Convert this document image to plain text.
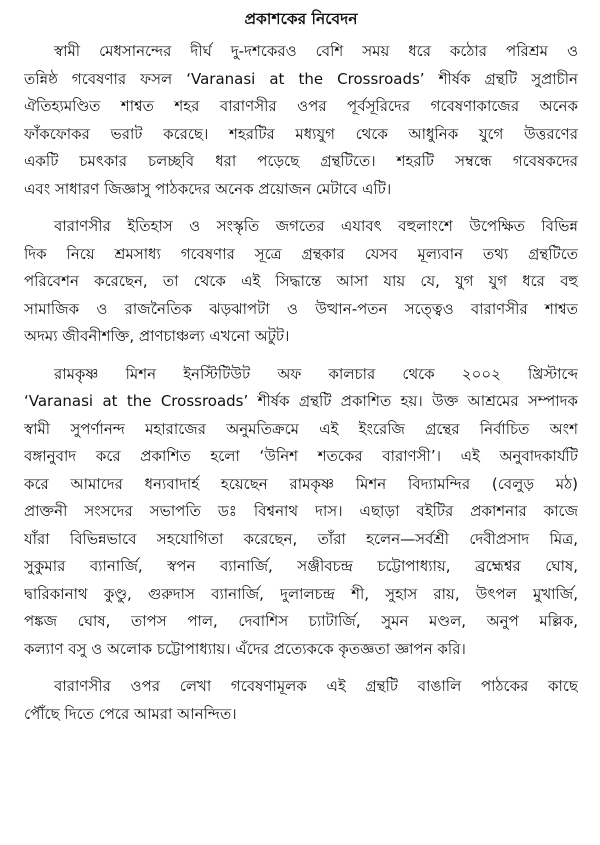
প্রকাশকের নিবেদন
স্বামী মেধসানন্দের দীর্ঘ দু-দশকেরও বেশি সময় ধরে কঠোর পরিশ্রম ও
তন্নিষ্ঠ গবেষণার ফসল ‘Varanasi at the Crossroads’ শীর্ষক গ্রন্থটি সুপ্রাচীন
ঐতিহ্যমণ্ডিত শাশ্বত শহর বারাণসীর ওপর পূর্বসূরিদের গবেষণাকাজের অনেক
ফাঁকফোকর ভরাট করেছে। শহরটির মধ্যযুগ থেকে আধুনিক যুগে উত্তরণের
একটি চমৎকার চলচ্ছবি ধরা পড়েছে গ্রন্থটিতে। শহরটি সম্বন্ধে গবেষকদের
এবং সাধারণ জিজ্ঞাসু পাঠকদের অনেক প্রয়োজন মেটাবে এটি।
বারাণসীর ইতিহাস ও সংস্কৃতি জগতের এযাবৎ বহুলাংশে উপেক্ষিত বিভিন্ন
দিক নিয়ে শ্রমসাধ্য গবেষণার সূত্রে গ্রন্থকার যেসব মূল্যবান তথ্য গ্রন্থটিতে
পরিবেশন করেছেন, তা থেকে এই সিদ্ধান্তে আসা যায় যে, যুগ যুগ ধরে বহু
সামাজিক ও রাজনৈতিক ঝড়ঝাপটা ও উত্থান-পতন সত্ত্বেও বারাণসীর শাশ্বত
অদম্য জীবনীশক্তি, প্রাণচাঞ্চল্য এখনো অটুট।
রামকৃষ্ণ মিশন ইনস্টিটিউট অফ কালচার থেকে ২০০২ খ্রিস্টাব্দে
‘Varanasi at the Crossroads’ শীর্ষক গ্রন্থটি প্রকাশিত হয়। উক্ত আশ্রমের সম্পাদক
স্বামী সুপর্ণানন্দ মহারাজের অনুমতিক্রমে এই ইংরেজি গ্রন্থের নির্বাচিত অংশ
বঙ্গানুবাদ করে প্রকাশিত হলো ‘উনিশ শতকের বারাণসী’। এই অনুবাদকার্যটি
করে আমাদের ধন্যবাদার্হ হয়েছেন রামকৃষ্ণ মিশন বিদ্যামন্দির (বেলুড় মঠ)
প্রাক্তনী সংসদের সভাপতি ডঃ বিশ্বনাথ দাস। এছাড়া বইটির প্রকাশনার কাজে
যাঁরা বিভিন্নভাবে সহযোগিতা করেছেন, তাঁরা হলেন—সর্বশ্রী দেবীপ্রসাদ মিত্র,
সুকুমার ব্যানার্জি, স্বপন ব্যানার্জি, সঞ্জীবচন্দ্র চট্টোপাধ্যায়, ব্রহ্মেশ্বর ঘোষ,
দ্বারিকানাথ কুণ্ডু, গুরুদাস ব্যানার্জি, দুলালচন্দ্র শী, সুহাস রায়, উৎপল মুখার্জি,
পঙ্কজ ঘোষ, তাপস পাল, দেবাশিস চ্যাটার্জি, সুমন মণ্ডল, অনুপ মল্লিক,
কল্যাণ বসু ও অলোক চট্টোপাধ্যায়। এঁদের প্রত্যেককে কৃতজ্ঞতা জ্ঞাপন করি।
বারাণসীর ওপর লেখা গবেষণামূলক এই গ্রন্থটি বাঙালি পাঠকের কাছে
পৌঁছে দিতে পেরে আমরা আনন্দিত।
